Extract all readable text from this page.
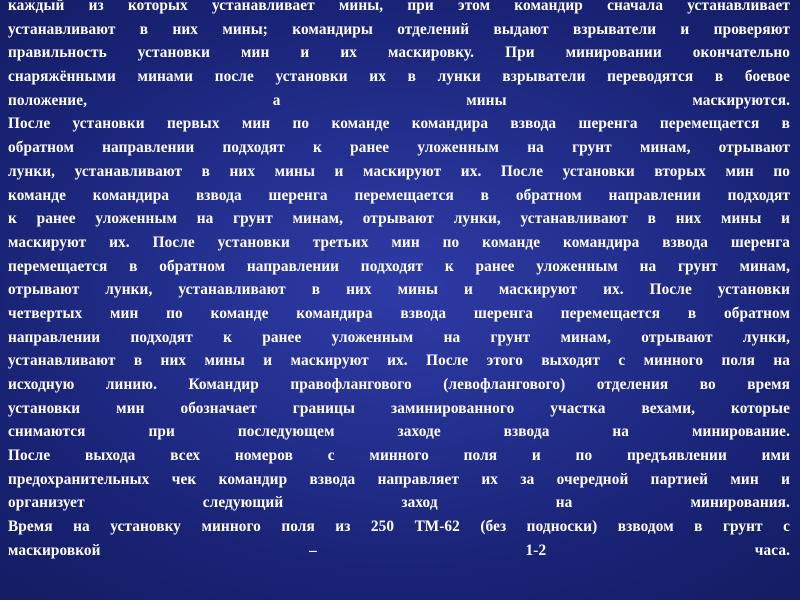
каждый из которых устанавливает мины, при этом командир сначала устанавливает
устанавливают в них мины; командиры отделений выдают взрыватели и проверяют
правильность установки мин и их маскировку. При минировании окончательно
снаряжёнными минами после установки их в лунки взрыватели переводятся в боевое
положение, а мины маскируются.
После установки первых мин по команде командира взвода шеренга перемещается в
обратном направлении подходят к ранее уложенным на грунт минам, отрывают
лунки, устанавливают в них мины и маскируют их. После установки вторых мин по
команде командира взвода шеренга перемещается в обратном направлении подходят
к ранее уложенным на грунт минам, отрывают лунки, устанавливают в них мины и
маскируют их. После установки третьих мин по команде командира взвода шеренга
перемещается в обратном направлении подходят к ранее уложенным на грунт минам,
отрывают лунки, устанавливают в них мины и маскируют их. После установки
четвертых мин по команде командира взвода шеренга перемещается в обратном
направлении подходят к ранее уложенным на грунт минам, отрывают лунки,
устанавливают в них мины и маскируют их. После этого выходят с минного поля на
исходную линию. Командир правофлангового (левофлангового) отделения во время
установки мин обозначает границы заминированного участка вехами, которые
снимаются при последующем заходе взвода на минирование.
После выхода всех номеров с минного поля и по предъявлении ими
предохранительных чек командир взвода направляет их за очередной партией мин и
организует следующий заход на минирования.
Время на установку минного поля из 250 ТМ-62 (без подноски) взводом в грунт с
маскировкой – 1-2 часа.
